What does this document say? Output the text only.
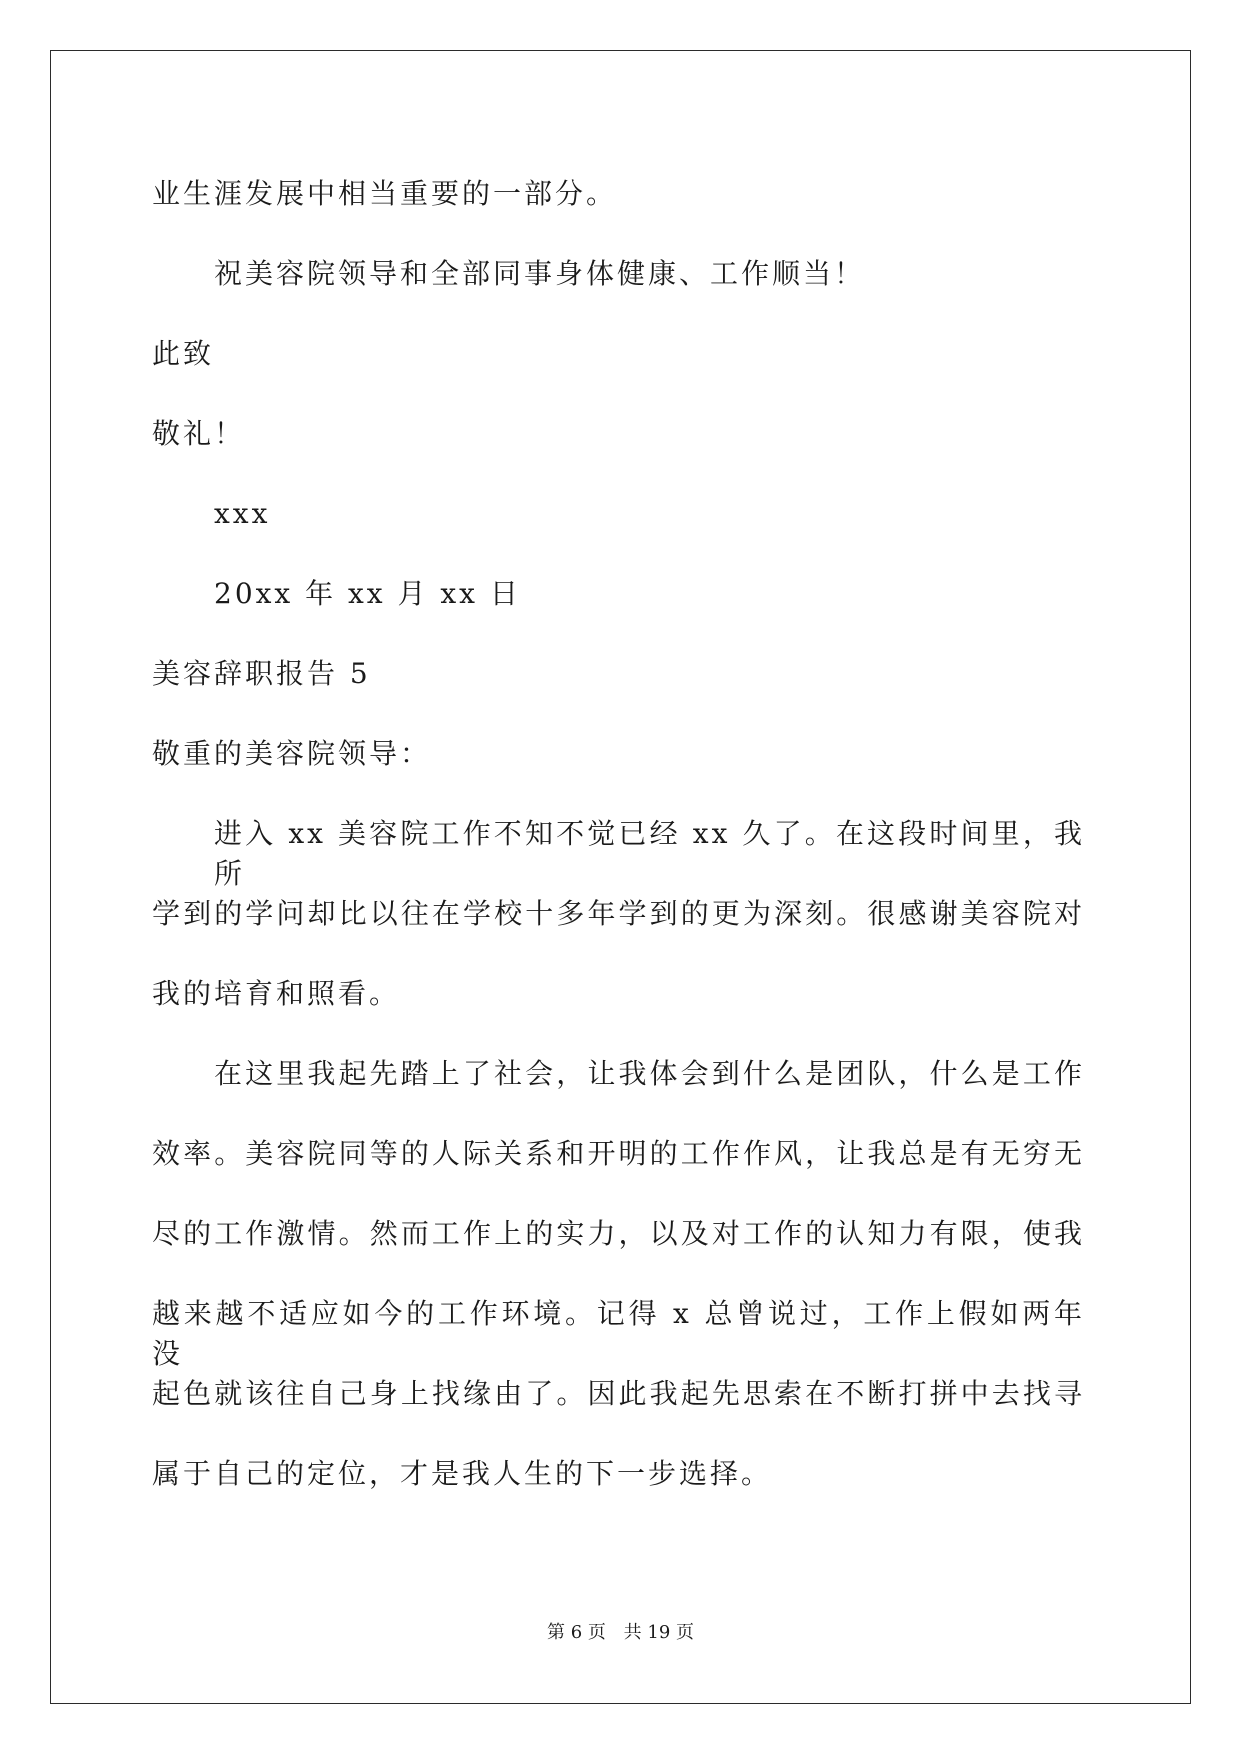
业生涯发展中相当重要的一部分。
祝美容院领导和全部同事身体健康、工作顺当！
此致
敬礼！
xxx
20xx 年 xx 月 xx 日
美容辞职报告 5
敬重的美容院领导：
进入 xx 美容院工作不知不觉已经 xx 久了。在这段时间里，我所
学到的学问却比以往在学校十多年学到的更为深刻。很感谢美容院对
我的培育和照看。
在这里我起先踏上了社会，让我体会到什么是团队，什么是工作
效率。美容院同等的人际关系和开明的工作作风，让我总是有无穷无
尽的工作激情。然而工作上的实力，以及对工作的认知力有限，使我
越来越不适应如今的工作环境。记得 x 总曾说过，工作上假如两年没
起色就该往自己身上找缘由了。因此我起先思索在不断打拼中去找寻
属于自己的定位，才是我人生的下一步选择。
第 6 页 共 19 页
